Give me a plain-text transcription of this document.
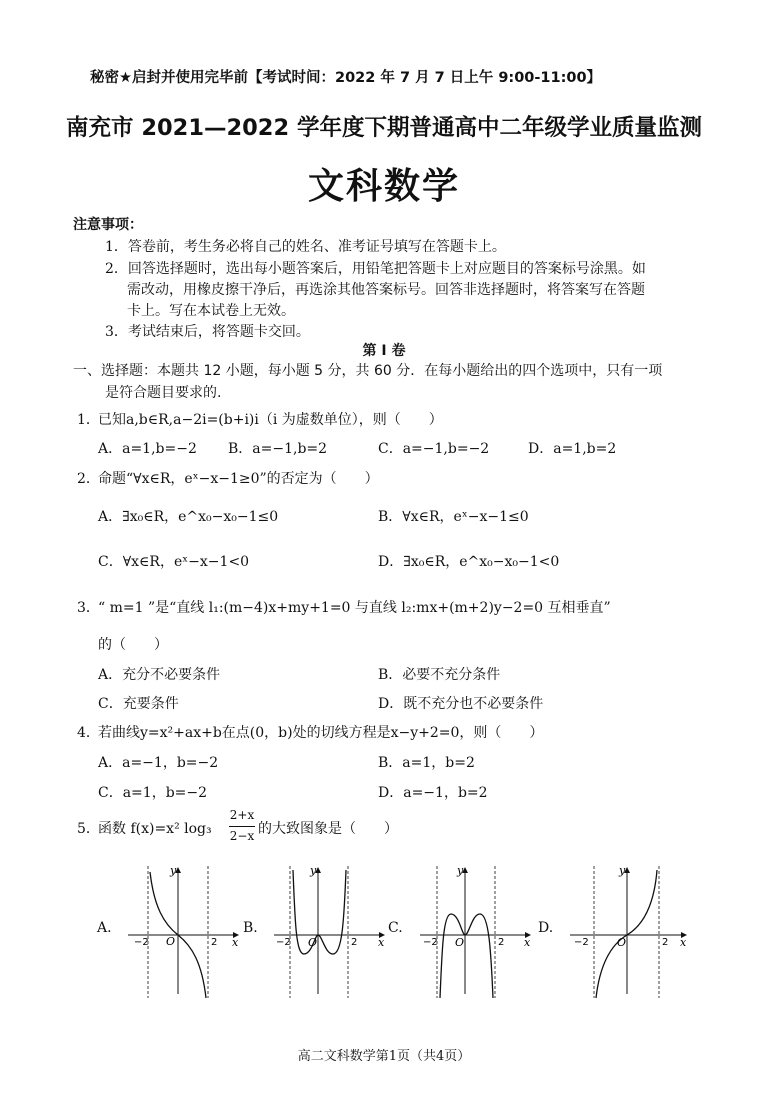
秘密★启封并使用完毕前【考试时间：2022 年 7 月 7 日上午 9:00-11:00】
南充市 2021—2022 学年度下期普通高中二年级学业质量监测
文科数学
注意事项：
1．答卷前，考生务必将自己的姓名、准考证号填写在答题卡上。
2．回答选择题时，选出每小题答案后，用铅笔把答题卡上对应题目的答案标号涂黑。如
需改动，用橡皮擦干净后，再选涂其他答案标号。回答非选择题时，将答案写在答题
卡上。写在本试卷上无效。
3．考试结束后，将答题卡交回。
第 I 卷
一、选择题：本题共 12 小题，每小题 5 分，共 60 分．在每小题给出的四个选项中，只有一项
是符合题目要求的.
1．
已知a,b∈R,a−2i=(b+i)i（i 为虚数单位），则（　　）
A．a=1,b=−2 B．a=−1,b=2	C．a=−1,b=−2	D．a=1,b=2
2．
命题“∀x∈R，eˣ−x−1≥0”的否定为（　　）
A．∃x₀∈R，e^x₀−x₀−1≤0	B．∀x∈R，eˣ−x−1≤0
C．∀x∈R，eˣ−x−1<0	D．∃x₀∈R，e^x₀−x₀−1<0
3．
“ m=1 ”是“直线 l₁:(m−4)x+my+1=0 与直线 l₂:mx+(m+2)y−2=0 互相垂直”
的（　　）
A．充分不必要条件	B．必要不充分条件
C．充要条件	D．既不充分也不必要条件
4．
若曲线y=x²+ax+b在点(0，b)处的切线方程是x−y+2=0，则（　　）
A．a=−1，b=−2	B．a=1，b=2
C．a=1，b=−2	D．a=−1，b=2
5．
函数 f(x)=x² log₃
2+x
2−x 的大致图象是（　　）
A.	B.	C.	D.
y
x
O
−2	2
y
x
O
−2	2
y
x
O
−2	2
y
x
O
−2	2
高二文科数学第1页（共4页）
